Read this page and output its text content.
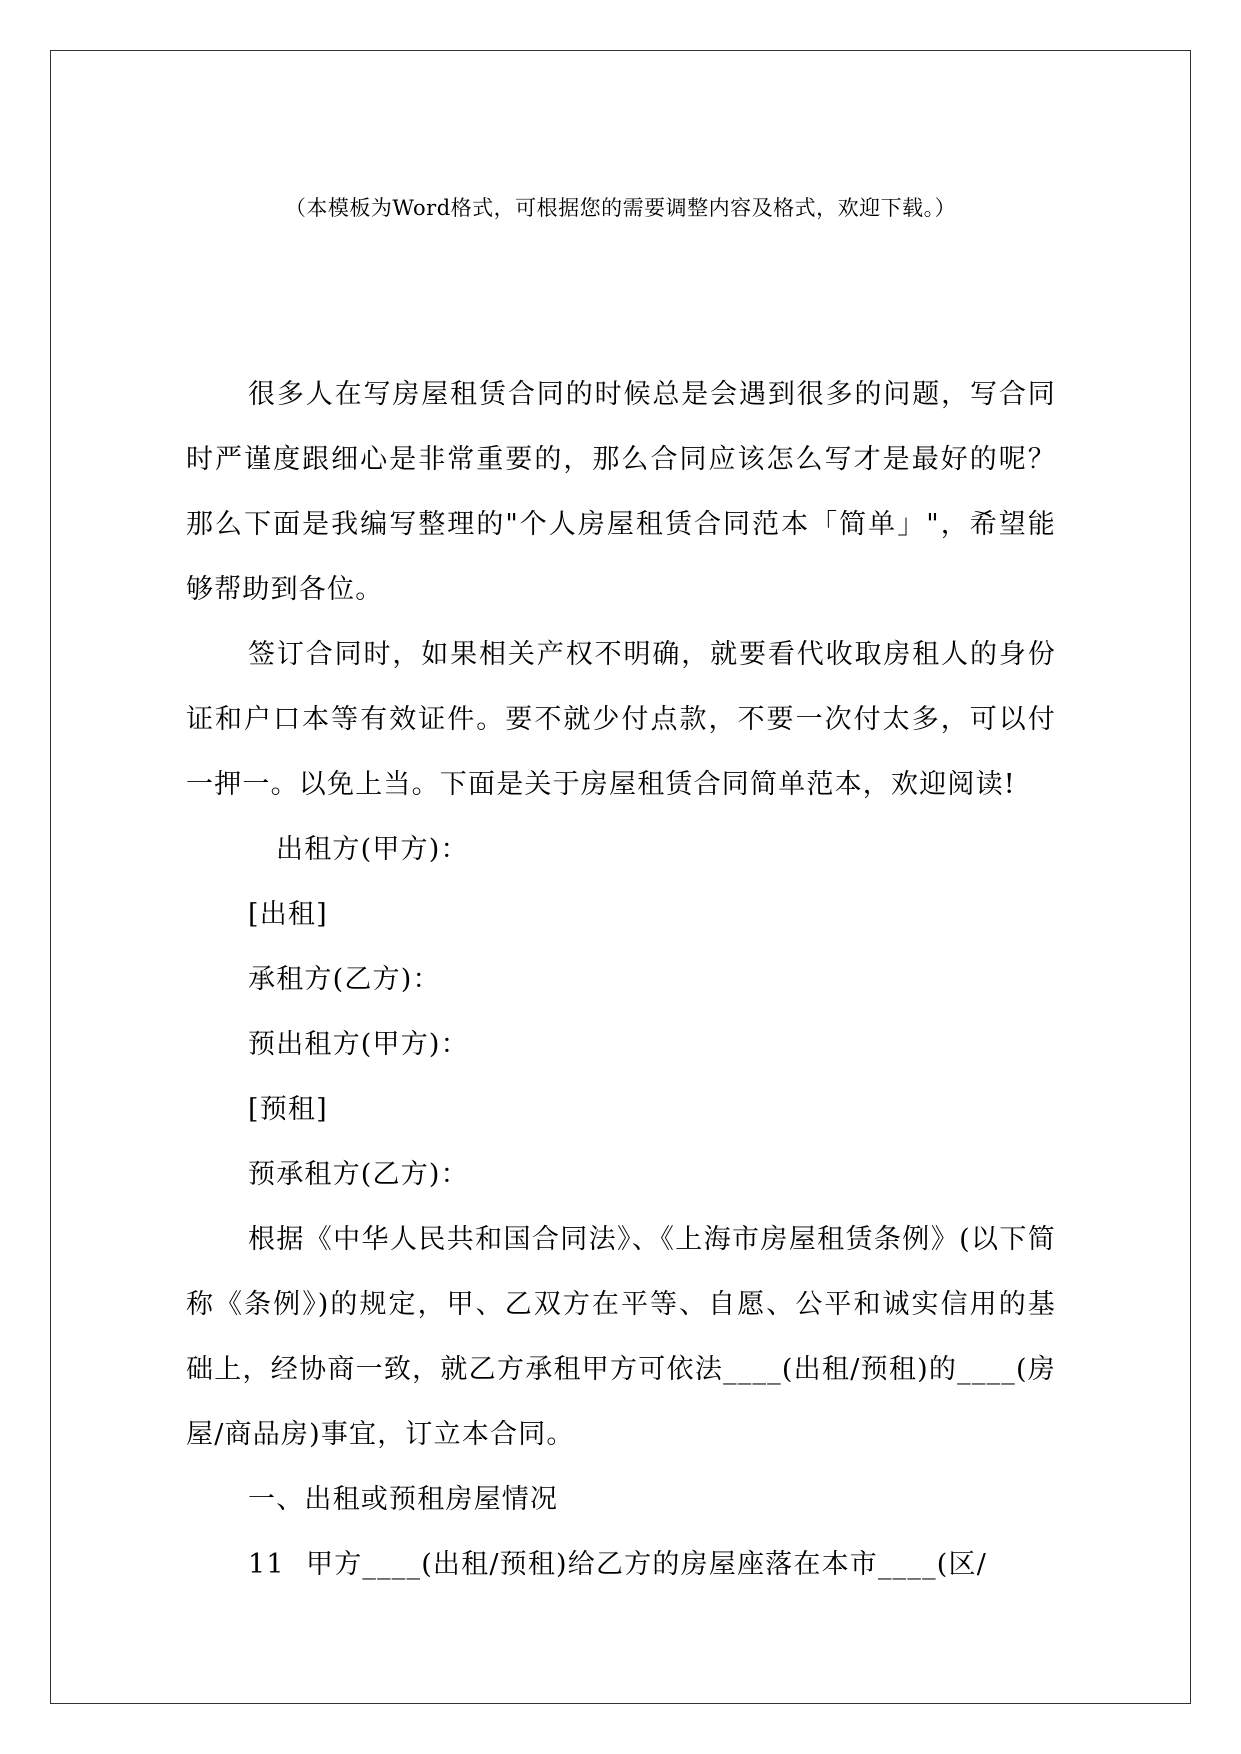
（本模板为Word格式，可根据您的需要调整内容及格式，欢迎下载。）

很多人在写房屋租赁合同的时候总是会遇到很多的问题，写合同时严谨度跟细心是非常重要的，那么合同应该怎么写才是最好的呢？那么下面是我编写整理的"个人房屋租赁合同范本「简单」"，希望能够帮助到各位。

签订合同时，如果相关产权不明确，就要看代收取房租人的身份证和户口本等有效证件。要不就少付点款，不要一次付太多，可以付一押一。以免上当。下面是关于房屋租赁合同简单范本，欢迎阅读!

出租方(甲方)：

[出租]

承租方(乙方)：

预出租方(甲方)：

[预租]

预承租方(乙方)：

根据《中华人民共和国合同法》、《上海市房屋租赁条例》(以下简称《条例》)的规定，甲、乙双方在平等、自愿、公平和诚实信用的基础上，经协商一致，就乙方承租甲方可依法____(出租/预租)的____(房屋/商品房)事宜，订立本合同。

一、出租或预租房屋情况

11 甲方____(出租/预租)给乙方的房屋座落在本市____(区/
